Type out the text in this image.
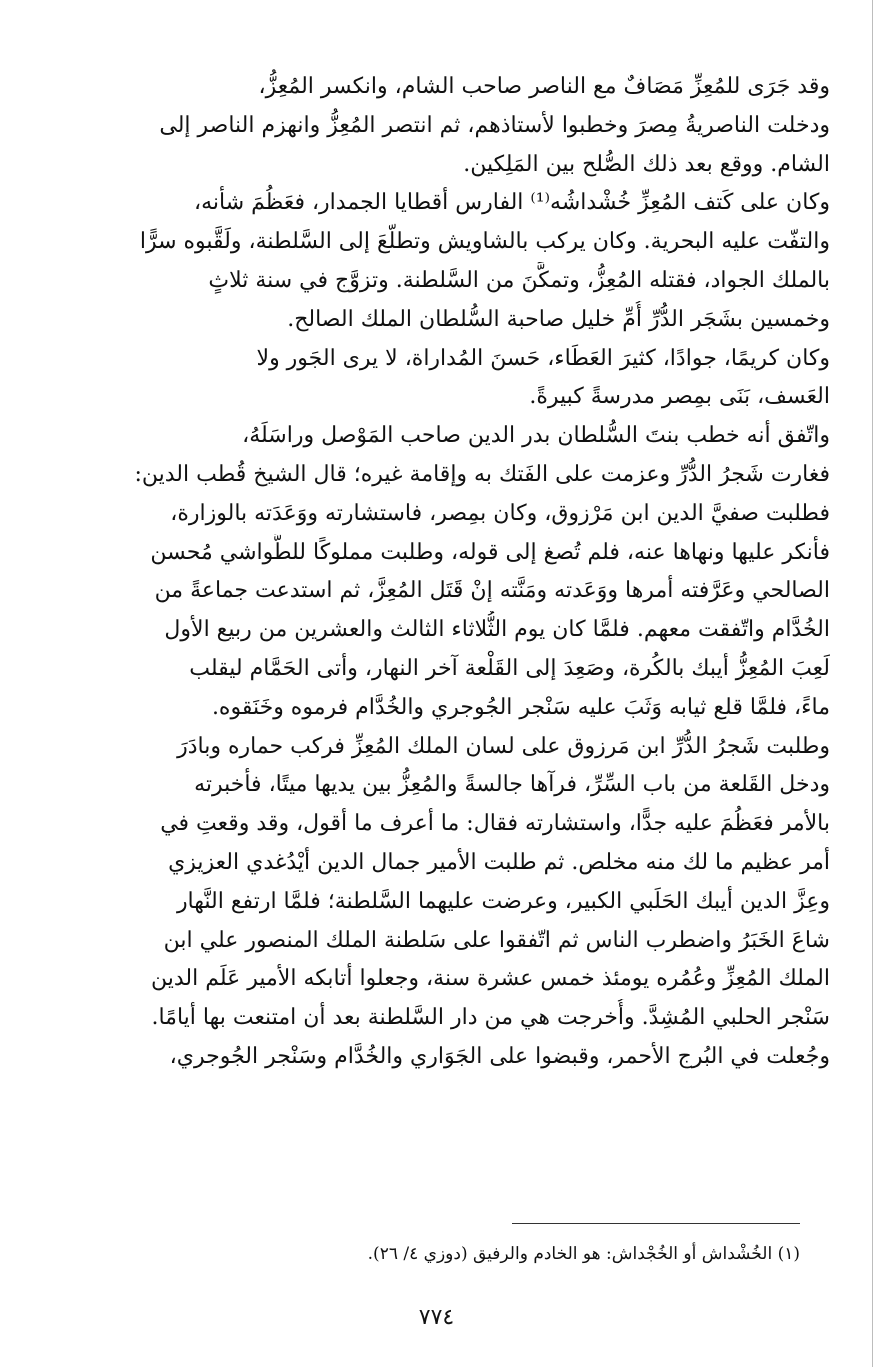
وقد جَرَى للمُعِزِّ مَصَافٌ مع الناصر صاحب الشام، وانكسر المُعِزُّ،
ودخلت الناصريةُ مِصرَ وخطبوا لأستاذهم، ثم انتصر المُعِزُّ وانهزم الناصر إلى
الشام. ووقع بعد ذلك الصُّلح بين المَلِكين.
وكان على كَتف المُعِزِّ خُشْداشُه⁽¹⁾ الفارس أقطايا الجمدار، فعَظُمَ شأنه،
والتفّت عليه البحرية. وكان يركب بالشاويش وتطلّعَ إلى السَّلطنة، ولَقَّبوه سرًّا
بالملك الجواد، فقتله المُعِزُّ، وتمكَّنَ من السَّلطنة. وتزوَّج في سنة ثلاثٍ
وخمسين بشَجَر الدُّرِّ أُمِّ خليل صاحبة السُّلطان الملك الصالح.
وكان كريمًا، جوادًا، كثيرَ العَطَاء، حَسنَ المُداراة، لا يرى الجَور ولا
العَسف، بَنَى بمِصر مدرسةً كبيرةً.
واتّفق أنه خطب بنتَ السُّلطان بدر الدين صاحب المَوْصل وراسَلَهُ،
فغارت شَجرُ الدُّرِّ وعزمت على الفَتك به وإقامة غيره؛ قال الشيخ قُطب الدين:
فطلبت صفيَّ الدين ابن مَرْزوق، وكان بمِصر، فاستشارته ووَعَدَته بالوزارة،
فأنكر عليها ونهاها عنه، فلم تُصغ إلى قوله، وطلبت مملوكًا للطَّواشي مُحسن
الصالحي وعَرَّفته أمرها ووَعَدته ومَنَّته إنْ قَتَل المُعِزَّ، ثم استدعت جماعةً من
الخُدَّام واتّفقت معهم. فلمَّا كان يوم الثُّلاثاء الثالث والعشرين من ربيع الأول
لَعِبَ المُعِزُّ أيبك بالكُرة، وصَعِدَ إلى القَلْعة آخر النهار، وأتى الحَمَّام ليقلب
ماءً، فلمَّا قلع ثيابه وَثَبَ عليه سَنْجر الجُوجري والخُدَّام فرموه وخَنَقوه.
وطلبت شَجرُ الدُّرِّ ابن مَرزوق على لسان الملك المُعِزِّ فركب حماره وبادَرَ
ودخل القَلعة من باب السِّرِّ، فرآها جالسةً والمُعِزُّ بين يديها ميتًا، فأخبرته
بالأمر فعَظُمَ عليه جدًّا، واستشارته فقال: ما أعرف ما أقول، وقد وقعتِ في
أمر عظيم ما لك منه مخلص. ثم طلبت الأمير جمال الدين أيْدُغدي العزيزي
وعِزَّ الدين أيبك الحَلَبي الكبير، وعرضت عليهما السَّلطنة؛ فلمَّا ارتفع النَّهار
شاعَ الخَبَرُ واضطرب الناس ثم اتّفقوا على سَلطنة الملك المنصور علي ابن
الملك المُعِزِّ وعُمُره يومئذ خمس عشرة سنة، وجعلوا أتابكه الأمير عَلَم الدين
سَنْجر الحلبي المُشِدَّ. وأُخرجت هي من دار السَّلطنة بعد أن امتنعت بها أيامًا.
وجُعلت في البُرج الأحمر، وقبضوا على الجَوَاري والخُدَّام وسَنْجر الجُوجري،
(١) الخُشْداش أو الخُجْداش: هو الخادم والرفيق (دوزي ٤/ ٢٦).
٧٧٤
